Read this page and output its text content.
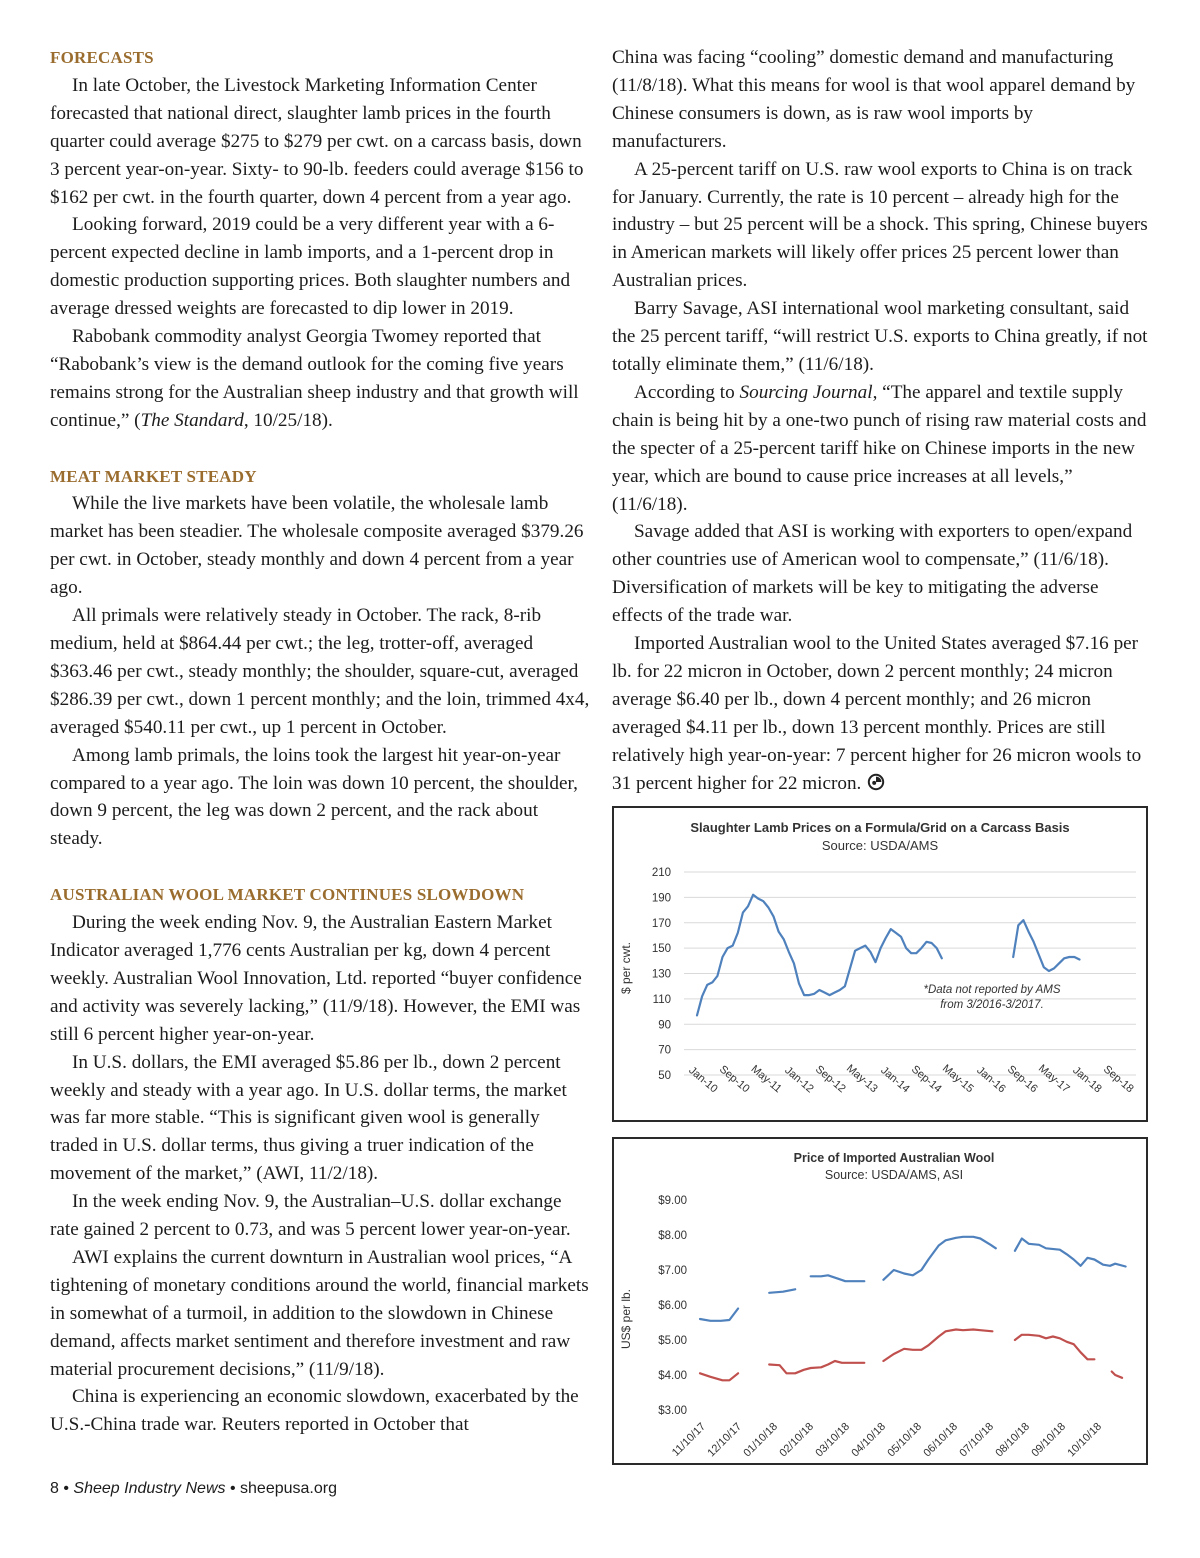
FORECASTS

In late October, the Livestock Marketing Information Center forecasted that national direct, slaughter lamb prices in the fourth quarter could average $275 to $279 per cwt. on a carcass basis, down 3 percent year-on-year. Sixty- to 90-lb. feeders could average $156 to $162 per cwt. in the fourth quarter, down 4 percent from a year ago.

Looking forward, 2019 could be a very different year with a 6-percent expected decline in lamb imports, and a 1-percent drop in domestic production supporting prices. Both slaughter numbers and average dressed weights are forecasted to dip lower in 2019.

Rabobank commodity analyst Georgia Twomey reported that “Rabobank’s view is the demand outlook for the coming five years remains strong for the Australian sheep industry and that growth will continue,” (The Standard, 10/25/18).

MEAT MARKET STEADY

While the live markets have been volatile, the wholesale lamb market has been steadier. The wholesale composite averaged $379.26 per cwt. in October, steady monthly and down 4 percent from a year ago.

All primals were relatively steady in October. The rack, 8-rib medium, held at $864.44 per cwt.; the leg, trotter-off, averaged $363.46 per cwt., steady monthly; the shoulder, square-cut, averaged $286.39 per cwt., down 1 percent monthly; and the loin, trimmed 4x4, averaged $540.11 per cwt., up 1 percent in October.

Among lamb primals, the loins took the largest hit year-on-year compared to a year ago. The loin was down 10 percent, the shoulder, down 9 percent, the leg was down 2 percent, and the rack about steady.

AUSTRALIAN WOOL MARKET CONTINUES SLOWDOWN

During the week ending Nov. 9, the Australian Eastern Market Indicator averaged 1,776 cents Australian per kg, down 4 percent weekly. Australian Wool Innovation, Ltd. reported “buyer confidence and activity was severely lacking,” (11/9/18). However, the EMI was still 6 percent higher year-on-year.

In U.S. dollars, the EMI averaged $5.86 per lb., down 2 percent weekly and steady with a year ago. In U.S. dollar terms, the market was far more stable. “This is significant given wool is generally traded in U.S. dollar terms, thus giving a truer indication of the movement of the market,” (AWI, 11/2/18).

In the week ending Nov. 9, the Australian–U.S. dollar exchange rate gained 2 percent to 0.73, and was 5 percent lower year-on-year.

AWI explains the current downturn in Australian wool prices, “A tightening of monetary conditions around the world, financial markets in somewhat of a turmoil, in addition to the slowdown in Chinese demand, affects market sentiment and therefore investment and raw material procurement decisions,” (11/9/18).

China is experiencing an economic slowdown, exacerbated by the U.S.-China trade war. Reuters reported in October that

China was facing “cooling” domestic demand and manufacturing (11/8/18). What this means for wool is that wool apparel demand by Chinese consumers is down, as is raw wool imports by manufacturers.

A 25-percent tariff on U.S. raw wool exports to China is on track for January. Currently, the rate is 10 percent – already high for the industry – but 25 percent will be a shock. This spring, Chinese buyers in American markets will likely offer prices 25 percent lower than Australian prices.

Barry Savage, ASI international wool marketing consultant, said the 25 percent tariff, “will restrict U.S. exports to China greatly, if not totally eliminate them,” (11/6/18).

According to Sourcing Journal, “The apparel and textile supply chain is being hit by a one-two punch of rising raw material costs and the specter of a 25-percent tariff hike on Chinese imports in the new year, which are bound to cause price increases at all levels,” (11/6/18).

Savage added that ASI is working with exporters to open/expand other countries use of American wool to compensate,” (11/6/18). Diversification of markets will be key to mitigating the adverse effects of the trade war.

Imported Australian wool to the United States averaged $7.16 per lb. for 22 micron in October, down 2 percent monthly; 24 micron average $6.40 per lb., down 4 percent monthly; and 26 micron averaged $4.11 per lb., down 13 percent monthly. Prices are still relatively high year-on-year: 7 percent higher for 26 micron wools to 31 percent higher for 22 micron.

Slaughter Lamb Prices on a Formula/Grid on a Carcass Basis
Source: USDA/AMS
$ per cwt.
50
70
90
110
130
150
170
190
210
Jan-10
Sep-10
May-11
Jan-12
Sep-12
May-13
Jan-14
Sep-14
May-15
Jan-16
Sep-16
May-17
Jan-18
Sep-18
*Data not reported by AMS
from 3/2016-3/2017.
Price of Imported Australian Wool
Source: USDA/AMS, ASI
US$ per lb.
$3.00
$4.00
$5.00
$6.00
$7.00
$8.00
$9.00
11/10/17
12/10/17
01/10/18
02/10/18
03/10/18
04/10/18
05/10/18
06/10/18
07/10/18
08/10/18
09/10/18
10/10/18
8 • Sheep Industry News • sheepusa.org
